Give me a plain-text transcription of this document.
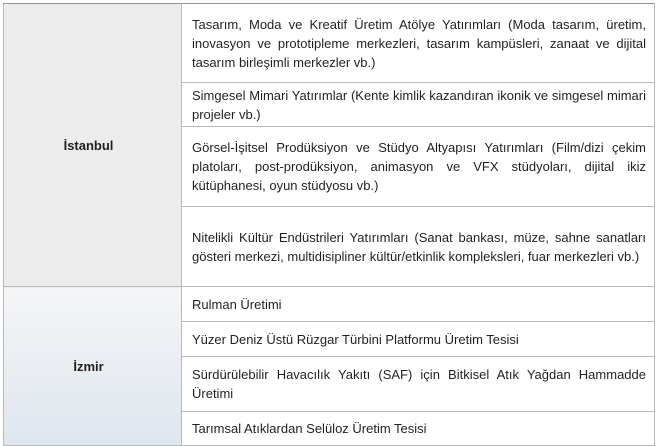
İstanbul	Tasarım, Moda ve Kreatif Üretim Atölye Yatırımları (Moda tasarım, üretim, inovasyon ve prototipleme merkezleri, tasarım kampüsleri, zanaat ve dijital tasarım birleşimli merkezler vb.)
	Simgesel Mimari Yatırımlar (Kente kimlik kazandıran ikonik ve simgesel mimari projeler vb.)
	Görsel-İşitsel Prodüksiyon ve Stüdyo Altyapısı Yatırımları (Film/dizi çekim platoları, post-prodüksiyon, animasyon ve VFX stüdyoları, dijital ikiz kütüphanesi, oyun stüdyosu vb.)
	Nitelikli Kültür Endüstrileri Yatırımları (Sanat bankası, müze, sahne sanatları gösteri merkezi, multidisipliner kültür/etkinlik kompleksleri, fuar merkezleri vb.)
İzmir	Rulman Üretimi
	Yüzer Deniz Üstü Rüzgar Türbini Platformu Üretim Tesisi
	Sürdürülebilir Havacılık Yakıtı (SAF) için Bitkisel Atık Yağdan Hammadde Üretimi
	Tarımsal Atıklardan Selüloz Üretim Tesisi
